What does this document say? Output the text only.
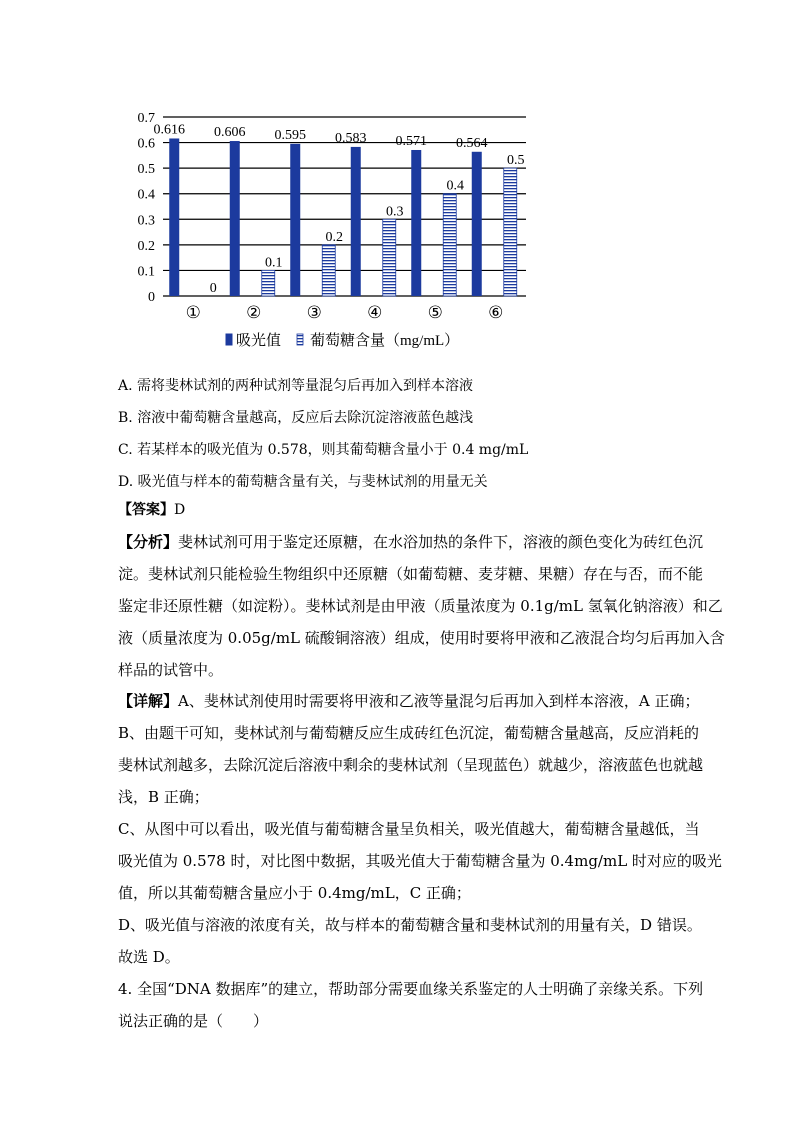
0.616
0
0.606
0.1
0.595
0.2
0.583
0.3
0.571
0.4
0.564
0.5
0
0.1
0.2
0.3
0.4
0.5
0.6
0.7
①	②	③	④	⑤	⑥
吸光值 葡萄糖含量（mg/mL）
A. 需将斐林试剂的两种试剂等量混匀后再加入到样本溶液
B. 溶液中葡萄糖含量越高，反应后去除沉淀溶液蓝色越浅
C. 若某样本的吸光值为 0.578，则其葡萄糖含量小于 0.4 mg/mL
D. 吸光值与样本的葡萄糖含量有关，与斐林试剂的用量无关
【答案】D
【分析】斐林试剂可用于鉴定还原糖，在水浴加热的条件下，溶液的颜色变化为砖红色沉
淀。斐林试剂只能检验生物组织中还原糖（如葡萄糖、麦芽糖、果糖）存在与否，而不能
鉴定非还原性糖（如淀粉）。斐林试剂是由甲液（质量浓度为 0.1g/mL 氢氧化钠溶液）和乙
液（质量浓度为 0.05g/mL 硫酸铜溶液）组成，使用时要将甲液和乙液混合均匀后再加入含
样品的试管中。
【详解】A、斐林试剂使用时需要将甲液和乙液等量混匀后再加入到样本溶液，A 正确；
B、由题干可知，斐林试剂与葡萄糖反应生成砖红色沉淀，葡萄糖含量越高，反应消耗的
斐林试剂越多，去除沉淀后溶液中剩余的斐林试剂（呈现蓝色）就越少，溶液蓝色也就越
浅，B 正确；
C、从图中可以看出，吸光值与葡萄糖含量呈负相关，吸光值越大，葡萄糖含量越低，当
吸光值为 0.578 时，对比图中数据，其吸光值大于葡萄糖含量为 0.4mg/mL 时对应的吸光
值，所以其葡萄糖含量应小于 0.4mg/mL，C 正确；
D、吸光值与溶液的浓度有关，故与样本的葡萄糖含量和斐林试剂的用量有关，D 错误。
故选 D。
4. 全国“DNA 数据库”的建立，帮助部分需要血缘关系鉴定的人士明确了亲缘关系。下列
说法正确的是（　　）
